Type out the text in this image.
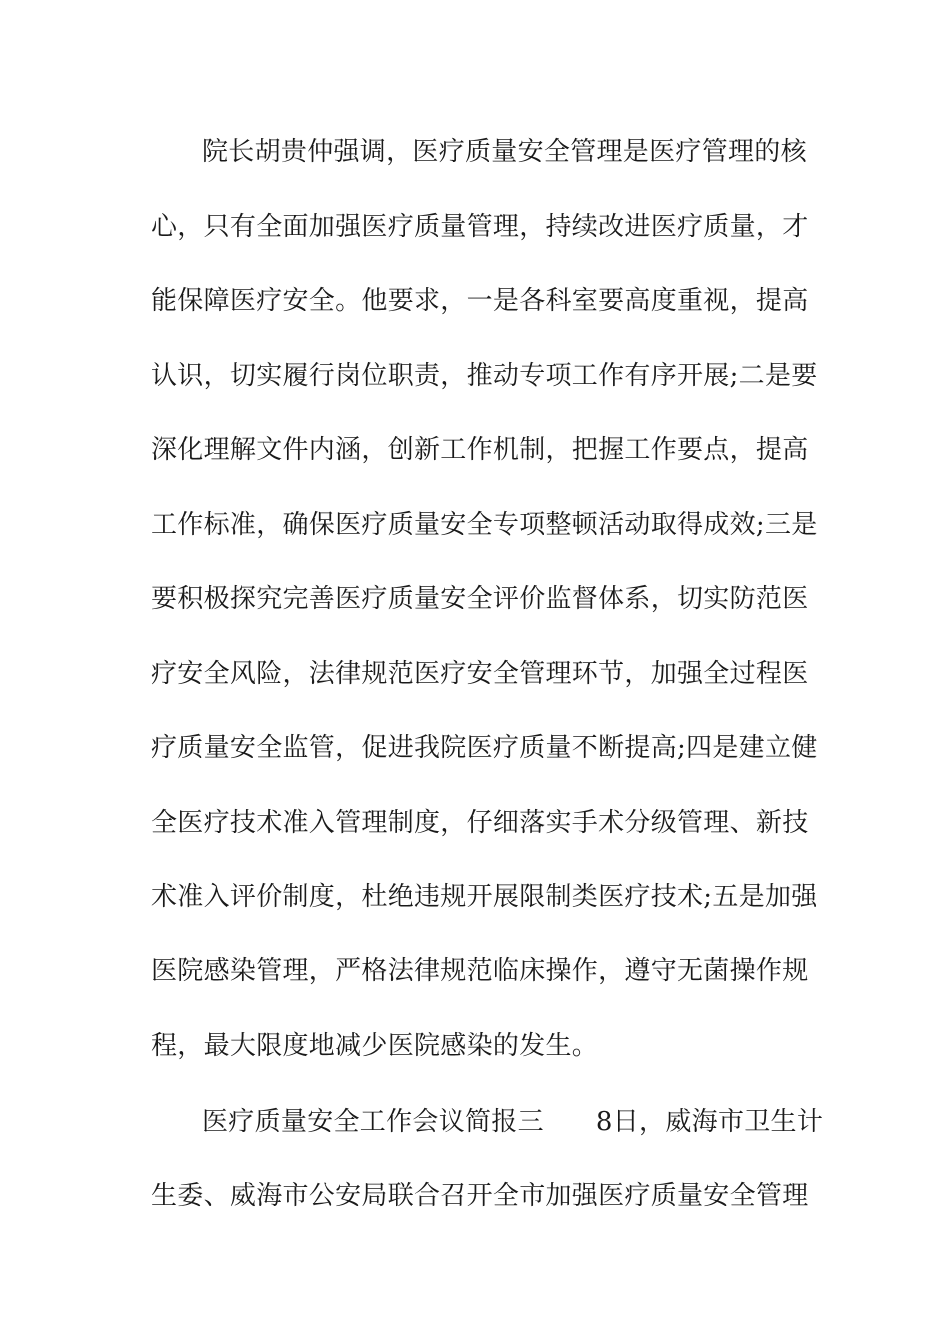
院长胡贵仲强调，医疗质量安全管理是医疗管理的核
心，只有全面加强医疗质量管理，持续改进医疗质量，才
能保障医疗安全。他要求，一是各科室要高度重视，提高
认识，切实履行岗位职责，推动专项工作有序开展;二是要
深化理解文件内涵，创新工作机制，把握工作要点，提高
工作标准，确保医疗质量安全专项整顿活动取得成效;三是
要积极探究完善医疗质量安全评价监督体系，切实防范医
疗安全风险，法律规范医疗安全管理环节，加强全过程医
疗质量安全监管，促进我院医疗质量不断提高;四是建立健
全医疗技术准入管理制度，仔细落实手术分级管理、新技
术准入评价制度，杜绝违规开展限制类医疗技术;五是加强
医院感染管理，严格法律规范临床操作，遵守无菌操作规
程，最大限度地减少医院感染的发生。
医疗质量安全工作会议简报三 8日，威海市卫生计
生委、威海市公安局联合召开全市加强医疗质量安全管理
